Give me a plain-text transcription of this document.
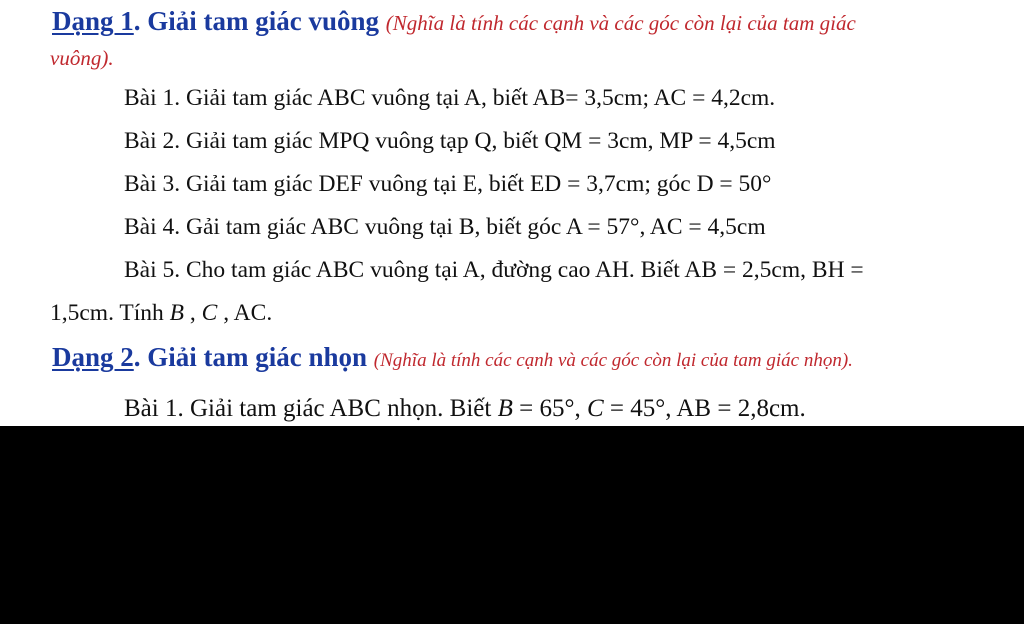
Dạng 1. Giải tam giác vuông (Nghĩa là tính các cạnh và các góc còn lại của tam giác
vuông).
Bài 1. Giải tam giác ABC vuông tại A, biết AB= 3,5cm; AC = 4,2cm.
Bài 2. Giải tam giác MPQ vuông tạp Q, biết QM = 3cm, MP = 4,5cm
Bài 3. Giải tam giác DEF vuông tại E, biết ED = 3,7cm; góc D = 50°
Bài 4. Gải tam giác ABC vuông tại B, biết góc A = 57°, AC = 4,5cm
Bài 5. Cho tam giác ABC vuông tại A, đường cao AH. Biết AB = 2,5cm, BH =
1,5cm. Tính B , C , AC.
Dạng 2. Giải tam giác nhọn (Nghĩa là tính các cạnh và các góc còn lại của tam giác nhọn).
Bài 1. Giải tam giác ABC nhọn. Biết B = 65°, C = 45°, AB = 2,8cm.
